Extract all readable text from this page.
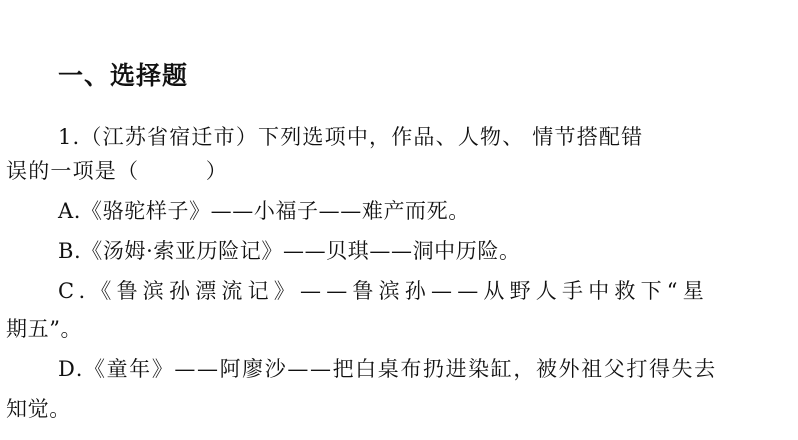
一、选择题
1.（江苏省宿迁市）下列选项中，作品、人物、 情节搭配错
误的一项是（　　　）
A.《骆驼样子》——小福子——难产而死。
B.《汤姆·索亚历险记》——贝琪——洞中历险。
C.《鲁滨孙漂流记》——鲁滨孙——从野人手中救下“星
期五”。
D.《童年》——阿廖沙——把白桌布扔进染缸，被外祖父打得失去
知觉。
